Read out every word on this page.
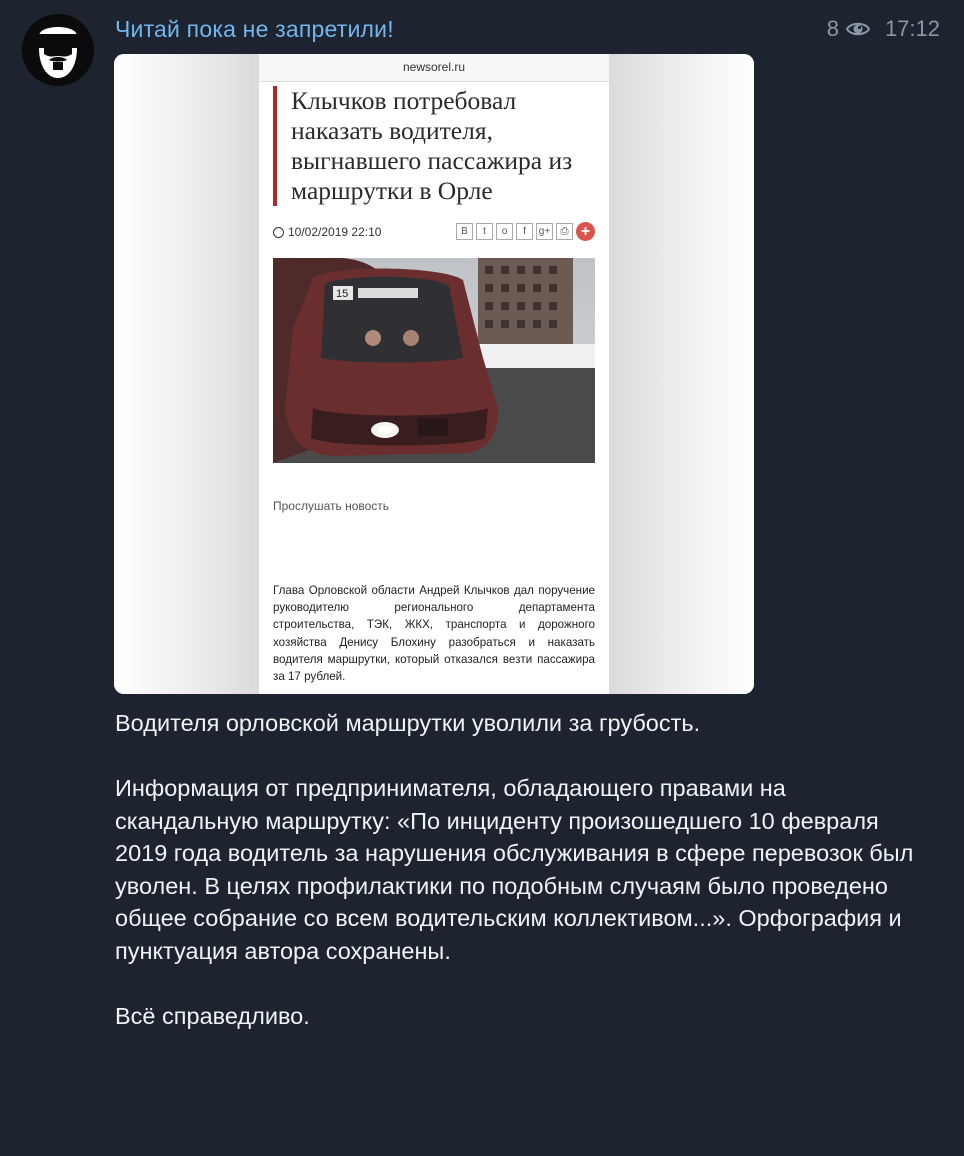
Читай пока не запретили!	8 17:12
newsorel.ru
Клычков потребовал наказать водителя, выгнавшего пассажира из маршрутки в Орле
10/02/2019 22:10	В	t	о	f	g+	⎙ +
15
Прослушать новость
Глава Орловской области Андрей Клычков дал поручение руководителю регионального департамента строительства, ТЭК, ЖКХ, транспорта и дорожного хозяйства Денису Блохину разобраться и наказать водителя маршрутки, который отказался везти пассажира за 17 рублей.

Водителя орловской маршрутки уволили за грубость.

Информация от предпринимателя, обладающего правами на скандальную маршрутку: «По инциденту произошедшего 10 февраля 2019 года водитель за нарушения обслуживания в сфере перевозок был уволен. В целях профилактики по подобным случаям было проведено общее собрание со всем водительским коллективом...». Орфография и пунктуация автора сохранены.

Всё справедливо.
